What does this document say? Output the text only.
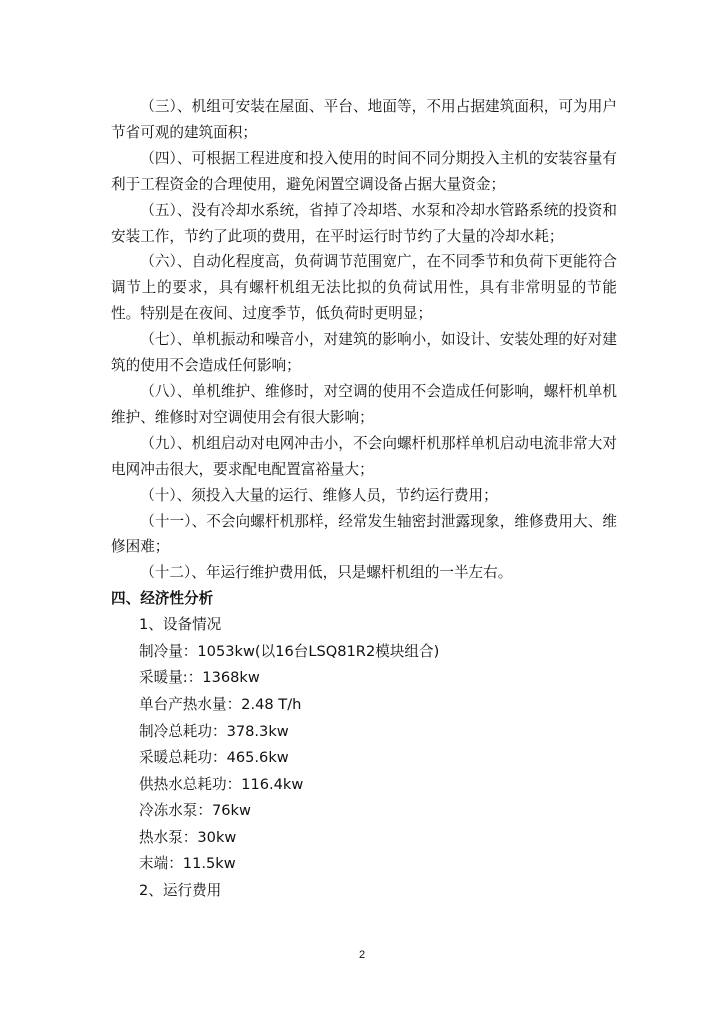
（三）、机组可安装在屋面、平台、地面等，不用占据建筑面积，可为用户节省可观的建筑面积；

（四）、可根据工程进度和投入使用的时间不同分期投入主机的安装容量有利于工程资金的合理使用，避免闲置空调设备占据大量资金；

（五）、没有冷却水系统，省掉了冷却塔、水泵和冷却水管路系统的投资和安装工作，节约了此项的费用，在平时运行时节约了大量的冷却水耗；

（六）、自动化程度高，负荷调节范围宽广，在不同季节和负荷下更能符合调节上的要求，具有螺杆机组无法比拟的负荷试用性，具有非常明显的节能性。特别是在夜间、过度季节，低负荷时更明显；

（七）、单机振动和噪音小，对建筑的影响小，如设计、安装处理的好对建筑的使用不会造成任何影响；

（八）、单机维护、维修时，对空调的使用不会造成任何影响，螺杆机单机维护、维修时对空调使用会有很大影响；

（九）、机组启动对电网冲击小，不会向螺杆机那样单机启动电流非常大对电网冲击很大，要求配电配置富裕量大；

（十）、须投入大量的运行、维修人员，节约运行费用；

（十一）、不会向螺杆机那样，经常发生轴密封泄露现象，维修费用大、维修困难；

（十二）、年运行维护费用低，只是螺杆机组的一半左右。

四、经济性分析

1、设备情况

制冷量：1053kw(以16台LSQ81R2模块组合)

采暖量:：1368kw

单台产热水量：2.48 T/h

制冷总耗功：378.3kw

采暖总耗功：465.6kw

供热水总耗功：116.4kw

冷冻水泵：76kw

热水泵：30kw

末端：11.5kw

2、运行费用

2
